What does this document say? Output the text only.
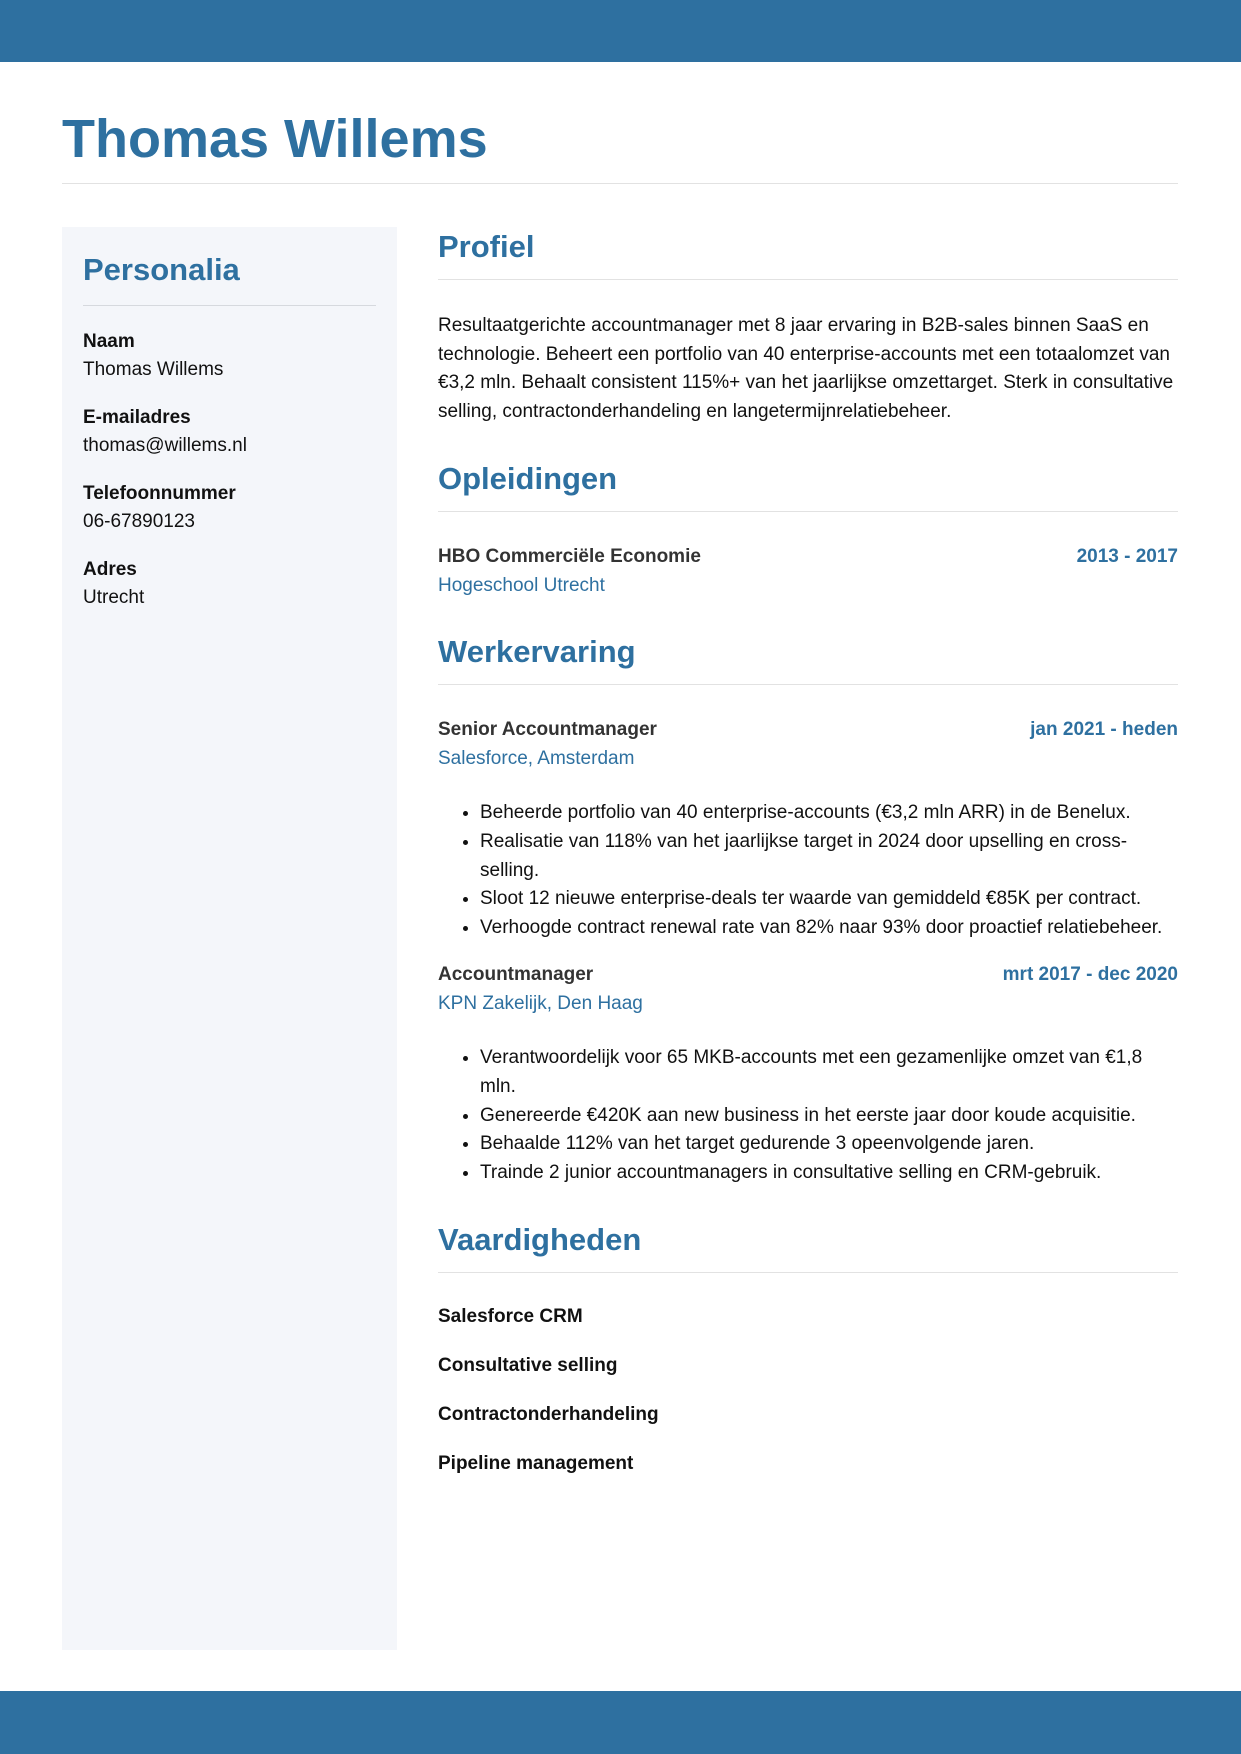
Thomas Willems
Personalia
Naam
Thomas Willems
E-mailadres
thomas@willems.nl
Telefoonnummer
06-67890123
Adres
Utrecht
Profiel

Resultaatgerichte accountmanager met 8 jaar ervaring in B2B-sales binnen SaaS en technologie. Beheert een portfolio van 40 enterprise-accounts met een totaalomzet van €3,2 mln. Behaalt consistent 115%+ van het jaarlijkse omzettarget. Sterk in consultative selling, contractonderhandeling en langetermijnrelatiebeheer.

Opleidingen
HBO Commerciële Economie	2013 - 2017
Hogeschool Utrecht
Werkervaring
Senior Accountmanager	jan 2021 - heden
Salesforce, Amsterdam
• Beheerde portfolio van 40 enterprise-accounts (€3,2 mln ARR) in de Benelux.
• Realisatie van 118% van het jaarlijkse target in 2024 door upselling en cross-selling.
• Sloot 12 nieuwe enterprise-deals ter waarde van gemiddeld €85K per contract.
• Verhoogde contract renewal rate van 82% naar 93% door proactief relatiebeheer.
Accountmanager	mrt 2017 - dec 2020
KPN Zakelijk, Den Haag
• Verantwoordelijk voor 65 MKB-accounts met een gezamenlijke omzet van €1,8 mln.
• Genereerde €420K aan new business in het eerste jaar door koude acquisitie.
• Behaalde 112% van het target gedurende 3 opeenvolgende jaren.
• Trainde 2 junior accountmanagers in consultative selling en CRM-gebruik.
Vaardigheden
Salesforce CRM
Consultative selling
Contractonderhandeling
Pipeline management
